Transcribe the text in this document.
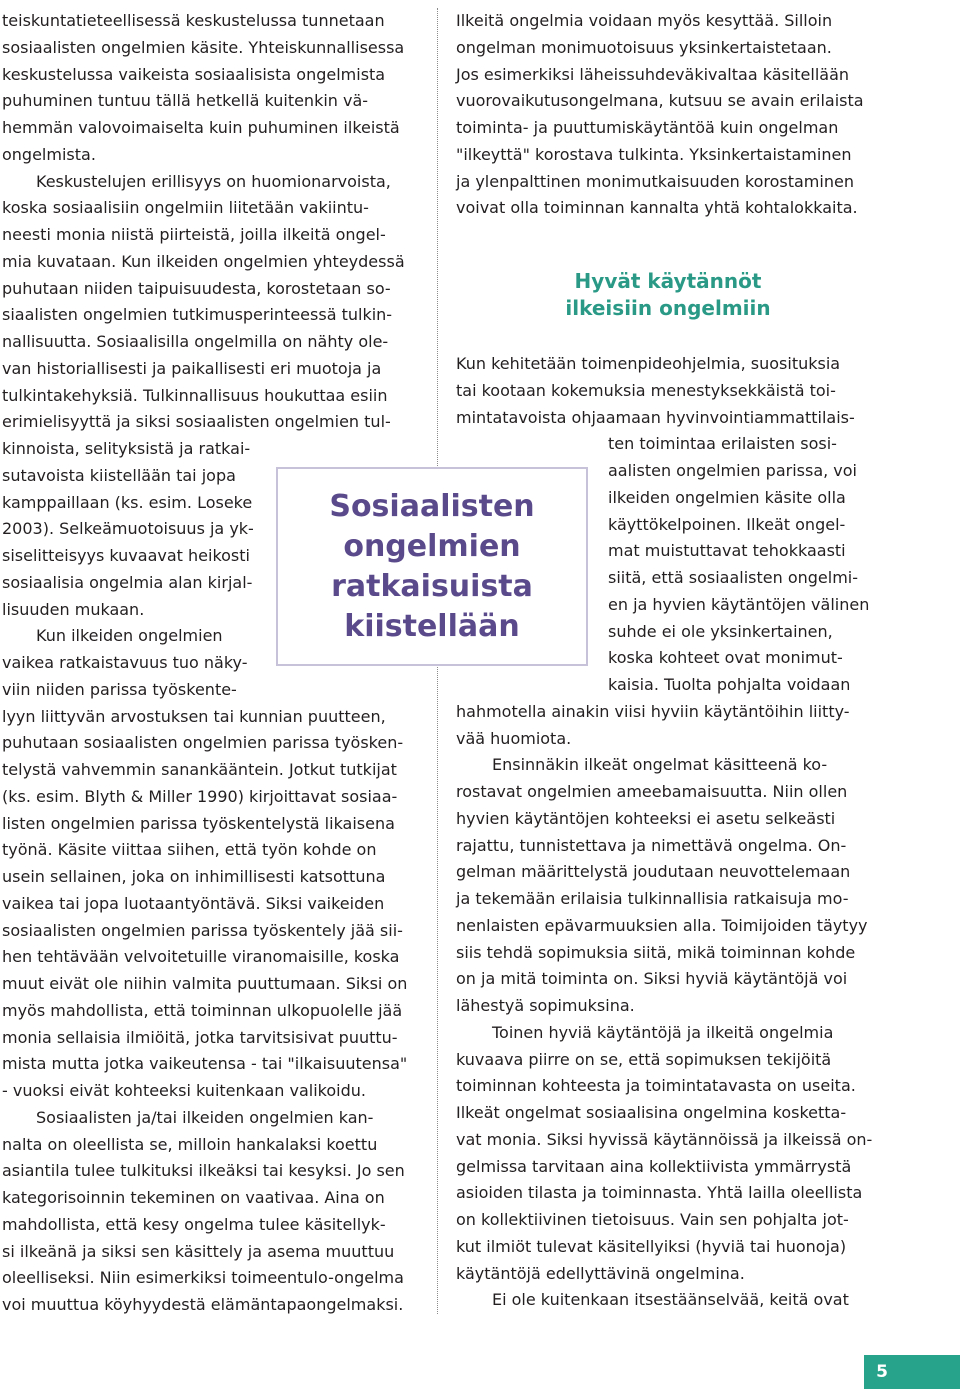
teiskuntatieteellisessä keskustelussa tunnetaan
sosiaalisten ongelmien käsite. Yhteiskunnallisessa
keskustelussa vaikeista sosiaalisista ongelmista
puhuminen tuntuu tällä hetkellä kuitenkin vä-
hemmän valovoimaiselta kuin puhuminen ilkeistä
ongelmista.
Keskustelujen erillisyys on huomionarvoista,
koska sosiaalisiin ongelmiin liitetään vakiintu-
neesti monia niistä piirteistä, joilla ilkeitä ongel-
mia kuvataan. Kun ilkeiden ongelmien yhteydessä
puhutaan niiden taipuisuudesta, korostetaan so-
siaalisten ongelmien tutkimusperinteessä tulkin-
nallisuutta. Sosiaalisilla ongelmilla on nähty ole-
van historiallisesti ja paikallisesti eri muotoja ja
tulkintakehyksiä. Tulkinnallisuus houkuttaa esiin
erimielisyyttä ja siksi sosiaalisten ongelmien tul-
kinnoista, selityksistä ja ratkai-
sutavoista kiistellään tai jopa
kamppaillaan (ks. esim. Loseke
2003). Selkeämuotoisuus ja yk-
siselitteisyys kuvaavat heikosti
sosiaalisia ongelmia alan kirjal-
lisuuden mukaan.
Kun ilkeiden ongelmien
vaikea ratkaistavuus tuo näky-
viin niiden parissa työskente-
lyyn liittyvän arvostuksen tai kunnian puutteen,
puhutaan sosiaalisten ongelmien parissa työsken-
telystä vahvemmin sanankääntein. Jotkut tutkijat
(ks. esim. Blyth & Miller 1990) kirjoittavat sosiaa-
listen ongelmien parissa työskentelystä likaisena
työnä. Käsite viittaa siihen, että työn kohde on
usein sellainen, joka on inhimillisesti katsottuna
vaikea tai jopa luotaantyöntävä. Siksi vaikeiden
sosiaalisten ongelmien parissa työskentely jää sii-
hen tehtävään velvoitetuille viranomaisille, koska
muut eivät ole niihin valmita puuttumaan. Siksi on
myös mahdollista, että toiminnan ulkopuolelle jää
monia sellaisia ilmiöitä, jotka tarvitsisivat puuttu-
mista mutta jotka vaikeutensa - tai "ilkaisuutensa"
- vuoksi eivät kohteeksi kuitenkaan valikoidu.
Sosiaalisten ja/tai ilkeiden ongelmien kan-
nalta on oleellista se, milloin hankalaksi koettu
asiantila tulee tulkituksi ilkeäksi tai kesyksi. Jo sen
kategorisoinnin tekeminen on vaativaa. Aina on
mahdollista, että kesy ongelma tulee käsitellyk-
si ilkeänä ja siksi sen käsittely ja asema muuttuu
oleelliseksi. Niin esimerkiksi toimeentulo-ongelma
voi muuttua köyhyydestä elämäntapaongelmaksi.
Ilkeitä ongelmia voidaan myös kesyttää. Silloin
ongelman monimuotoisuus yksinkertaistetaan.
Jos esimerkiksi läheissuhdeväkivaltaa käsitellään
vuorovaikutusongelmana, kutsuu se avain erilaista
toiminta- ja puuttumiskäytäntöä kuin ongelman
"ilkeyttä" korostava tulkinta. Yksinkertaistaminen
ja ylenpalttinen monimutkaisuuden korostaminen
voivat olla toiminnan kannalta yhtä kohtalokkaita.
Kun kehitetään toimenpideohjelmia, suosituksia
tai kootaan kokemuksia menestyksekkäistä toi-
mintatavoista ohjaamaan hyvinvointiammattilais-
ten toimintaa erilaisten sosi-
aalisten ongelmien parissa, voi
ilkeiden ongelmien käsite olla
käyttökelpoinen. Ilkeät ongel-
mat muistuttavat tehokkaasti
siitä, että sosiaalisten ongelmi-
en ja hyvien käytäntöjen välinen
suhde ei ole yksinkertainen,
koska kohteet ovat monimut-
kaisia. Tuolta pohjalta voidaan
hahmotella ainakin viisi hyviin käytäntöihin liitty-
vää huomiota.
Ensinnäkin ilkeät ongelmat käsitteenä ko-
rostavat ongelmien ameebamaisuutta. Niin ollen
hyvien käytäntöjen kohteeksi ei asetu selkeästi
rajattu, tunnistettava ja nimettävä ongelma. On-
gelman määrittelystä joudutaan neuvottelemaan
ja tekemään erilaisia tulkinnallisia ratkaisuja mo-
nenlaisten epävarmuuksien alla. Toimijoiden täytyy
siis tehdä sopimuksia siitä, mikä toiminnan kohde
on ja mitä toiminta on. Siksi hyviä käytäntöjä voi
lähestyä sopimuksina.
Toinen hyviä käytäntöjä ja ilkeitä ongelmia
kuvaava piirre on se, että sopimuksen tekijöitä
toiminnan kohteesta ja toimintatavasta on useita.
Ilkeät ongelmat sosiaalisina ongelmina kosketta-
vat monia. Siksi hyvissä käytännöissä ja ilkeissä on-
gelmissa tarvitaan aina kollektiivista ymmärrystä
asioiden tilasta ja toiminnasta. Yhtä lailla oleellista
on kollektiivinen tietoisuus. Vain sen pohjalta jot-
kut ilmiöt tulevat käsitellyiksi (hyviä tai huonoja)
käytäntöjä edellyttävinä ongelmina.
Ei ole kuitenkaan itsestäänselvää, keitä ovat
Hyvät käytännöt
ilkeisiin ongelmiin
Sosiaalisten
ongelmien
ratkaisuista
kiistellään
5
